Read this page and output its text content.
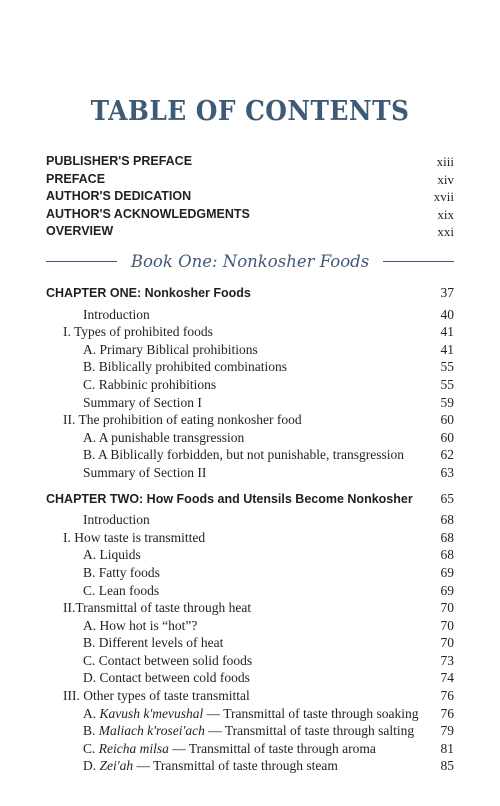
TABLE OF CONTENTS
PUBLISHER'S PREFACE	xiii
PREFACE	xiv
AUTHOR'S DEDICATION	xvii
AUTHOR'S ACKNOWLEDGMENTS	xix
OVERVIEW	xxi
Book One: Nonkosher Foods
CHAPTER ONE: Nonkosher Foods	37
Introduction	40
I. Types of prohibited foods	41
A. Primary Biblical prohibitions	41
B. Biblically prohibited combinations	55
C. Rabbinic prohibitions	55
Summary of Section I	59
II. The prohibition of eating nonkosher food	60
A. A punishable transgression	60
B. A Biblically forbidden, but not punishable, transgression	62
Summary of Section II	63
CHAPTER TWO: How Foods and Utensils Become Nonkosher 65
Introduction	68
I. How taste is transmitted	68
A. Liquids	68
B. Fatty foods	69
C. Lean foods	69
II.Transmittal of taste through heat	70
A. How hot is “hot”?	70
B. Different levels of heat	70
C. Contact between solid foods	73
D. Contact between cold foods	74
III. Other types of taste transmittal	76
A. Kavush k'mevushal — Transmittal of taste through soaking 76
B. Maliach k'rosei'ach — Transmittal of taste through salting 79
C. Reicha milsa — Transmittal of taste through aroma	81
D. Zei'ah — Transmittal of taste through steam	85
